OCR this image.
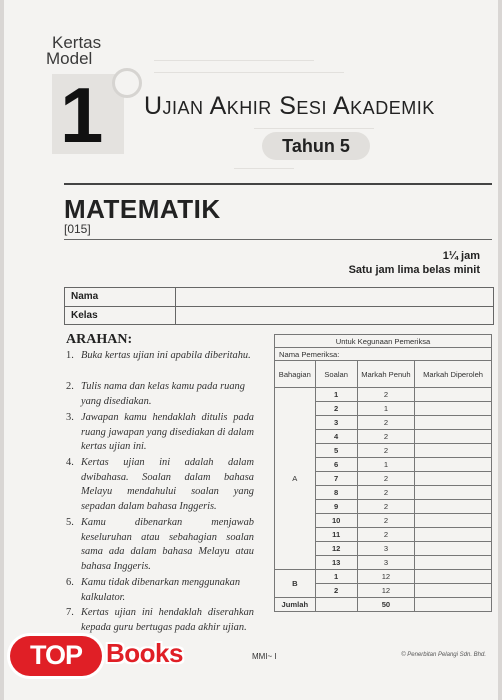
Kertas
Model
1 Ujian Akhir Sesi Akademik
Tahun 5
MATEMATIK
[015]
1¼ jam
Satu jam lima belas minit
Nama
Kelas
ARAHAN:
1. Buka kertas ujian ini apabila diberitahu.
2. Tulis nama dan kelas kamu pada ruang yang disediakan.
3. Jawapan kamu hendaklah ditulis pada ruang jawapan yang disediakan di dalam kertas ujian ini.
4. Kertas ujian ini adalah dalam dwibahasa. Soalan dalam bahasa Melayu mendahului soalan yang sepadan dalam bahasa Inggeris.
5. Kamu dibenarkan menjawab keseluruhan atau sebahagian soalan sama ada dalam bahasa Melayu atau bahasa Inggeris.
6. Kamu tidak dibenarkan menggunakan kalkulator.
7. Kertas ujian ini hendaklah diserahkan kepada guru bertugas pada akhir ujian.
Untuk Kegunaan Pemeriksa			
Nama Pemeriksa:			
Bahagian	Soalan	Markah Penuh	Markah Diperoleh
A	1	2	
	2	1	
	3	2	
	4	2	
	5	2	
	6	1	
	7	2	
	8	2	
	9	2	
	10	2	
	11	2	
	12	3	
	13	3	
B	1	12	
	2	12	
Jumlah		50	
MMI~ I	© Penerbitan Pelangi Sdn. Bhd.
TOP Books
